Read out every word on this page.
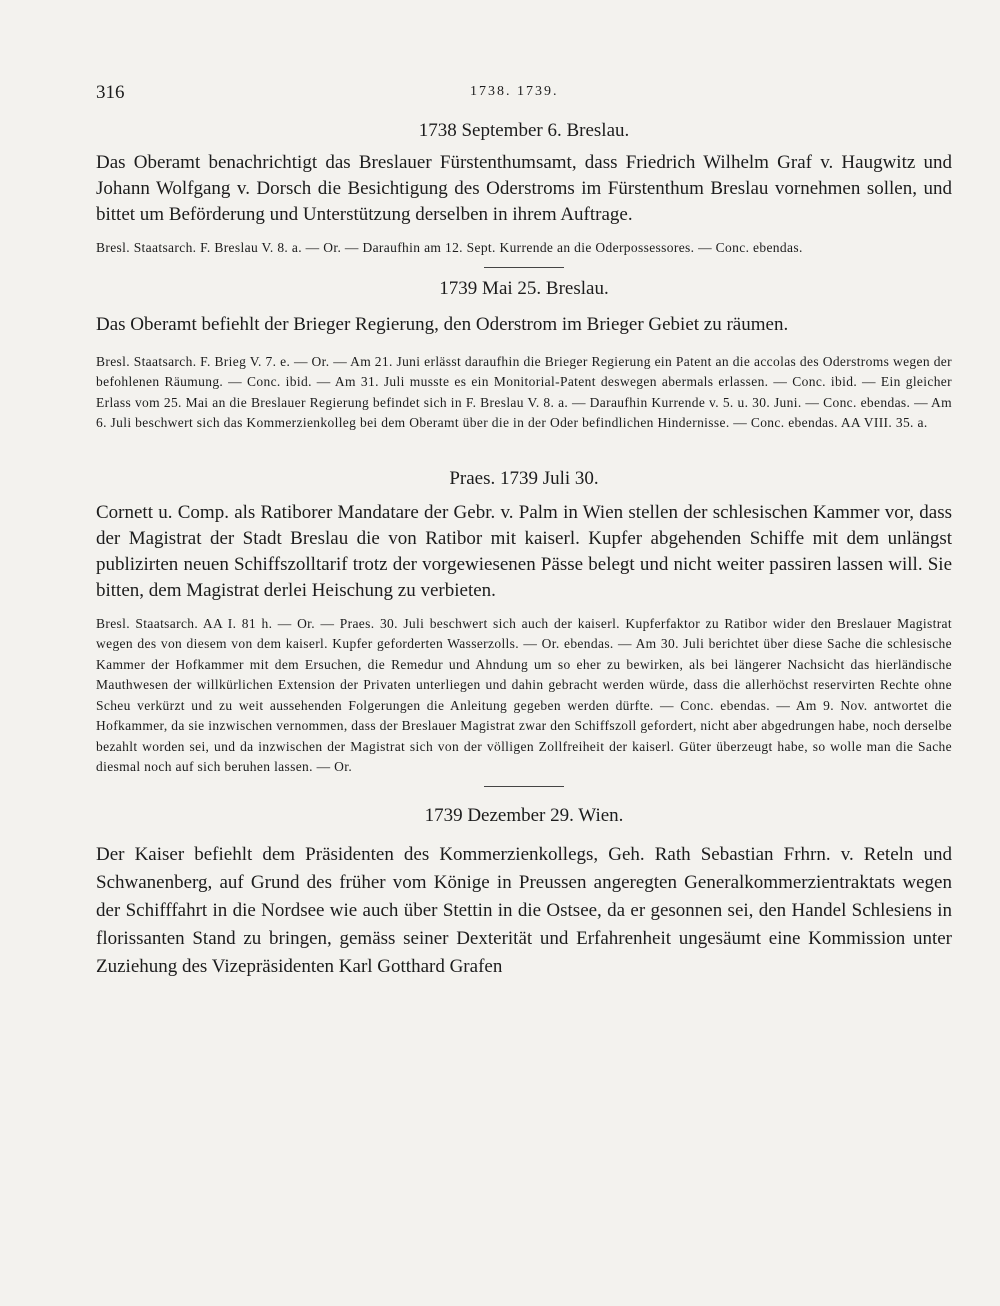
316	1738. 1739.

1738 September 6. Breslau.

Das Oberamt benachrichtigt das Breslauer Fürstenthumsamt, dass Friedrich Wilhelm Graf v. Haugwitz und Johann Wolfgang v. Dorsch die Besichtigung des Oderstroms im Fürstenthum Breslau vornehmen sollen, und bittet um Beförderung und Unterstützung derselben in ihrem Auftrage.

Bresl. Staatsarch. F. Breslau V. 8. a. — Or. — Daraufhin am 12. Sept. Kurrende an die Oderpossessores. — Conc. ebendas.

1739 Mai 25. Breslau.

Das Oberamt befiehlt der Brieger Regierung, den Oderstrom im Brieger Gebiet zu räumen.

Bresl. Staatsarch. F. Brieg V. 7. e. — Or. — Am 21. Juni erlässt daraufhin die Brieger Regierung ein Patent an die accolas des Oderstroms wegen der befohlenen Räumung. — Conc. ibid. — Am 31. Juli musste es ein Monitorial-Patent deswegen abermals erlassen. — Conc. ibid. — Ein gleicher Erlass vom 25. Mai an die Breslauer Regierung befindet sich in F. Breslau V. 8. a. — Daraufhin Kurrende v. 5. u. 30. Juni. — Conc. ebendas. — Am 6. Juli beschwert sich das Kommerzienkolleg bei dem Oberamt über die in der Oder befindlichen Hindernisse. — Conc. ebendas. AA VIII. 35. a.

Praes. 1739 Juli 30.

Cornett u. Comp. als Ratiborer Mandatare der Gebr. v. Palm in Wien stellen der schlesischen Kammer vor, dass der Magistrat der Stadt Breslau die von Ratibor mit kaiserl. Kupfer abgehenden Schiffe mit dem unlängst publizirten neuen Schiffszolltarif trotz der vorgewiesenen Pässe belegt und nicht weiter passiren lassen will. Sie bitten, dem Magistrat derlei Heischung zu verbieten.

Bresl. Staatsarch. AA I. 81 h. — Or. — Praes. 30. Juli beschwert sich auch der kaiserl. Kupferfaktor zu Ratibor wider den Breslauer Magistrat wegen des von diesem von dem kaiserl. Kupfer geforderten Wasserzolls. — Or. ebendas. — Am 30. Juli berichtet über diese Sache die schlesische Kammer der Hofkammer mit dem Ersuchen, die Remedur und Ahndung um so eher zu bewirken, als bei längerer Nachsicht das hierländische Mauthwesen der willkürlichen Extension der Privaten unterliegen und dahin gebracht werden würde, dass die allerhöchst reservirten Rechte ohne Scheu verkürzt und zu weit aussehenden Folgerungen die Anleitung gegeben werden dürfte. — Conc. ebendas. — Am 9. Nov. antwortet die Hofkammer, da sie inzwischen vernommen, dass der Breslauer Magistrat zwar den Schiffszoll gefordert, nicht aber abgedrungen habe, noch derselbe bezahlt worden sei, und da inzwischen der Magistrat sich von der völligen Zollfreiheit der kaiserl. Güter überzeugt habe, so wolle man die Sache diesmal noch auf sich beruhen lassen. — Or.

1739 Dezember 29. Wien.

Der Kaiser befiehlt dem Präsidenten des Kommerzienkollegs, Geh. Rath Sebastian Frhrn. v. Reteln und Schwanenberg, auf Grund des früher vom Könige in Preussen angeregten Generalkommerzientraktats wegen der Schifffahrt in die Nordsee wie auch über Stettin in die Ostsee, da er gesonnen sei, den Handel Schlesiens in florissanten Stand zu bringen, gemäss seiner Dexterität und Erfahrenheit ungesäumt eine Kommission unter Zuziehung des Vizepräsidenten Karl Gotthard Grafen
